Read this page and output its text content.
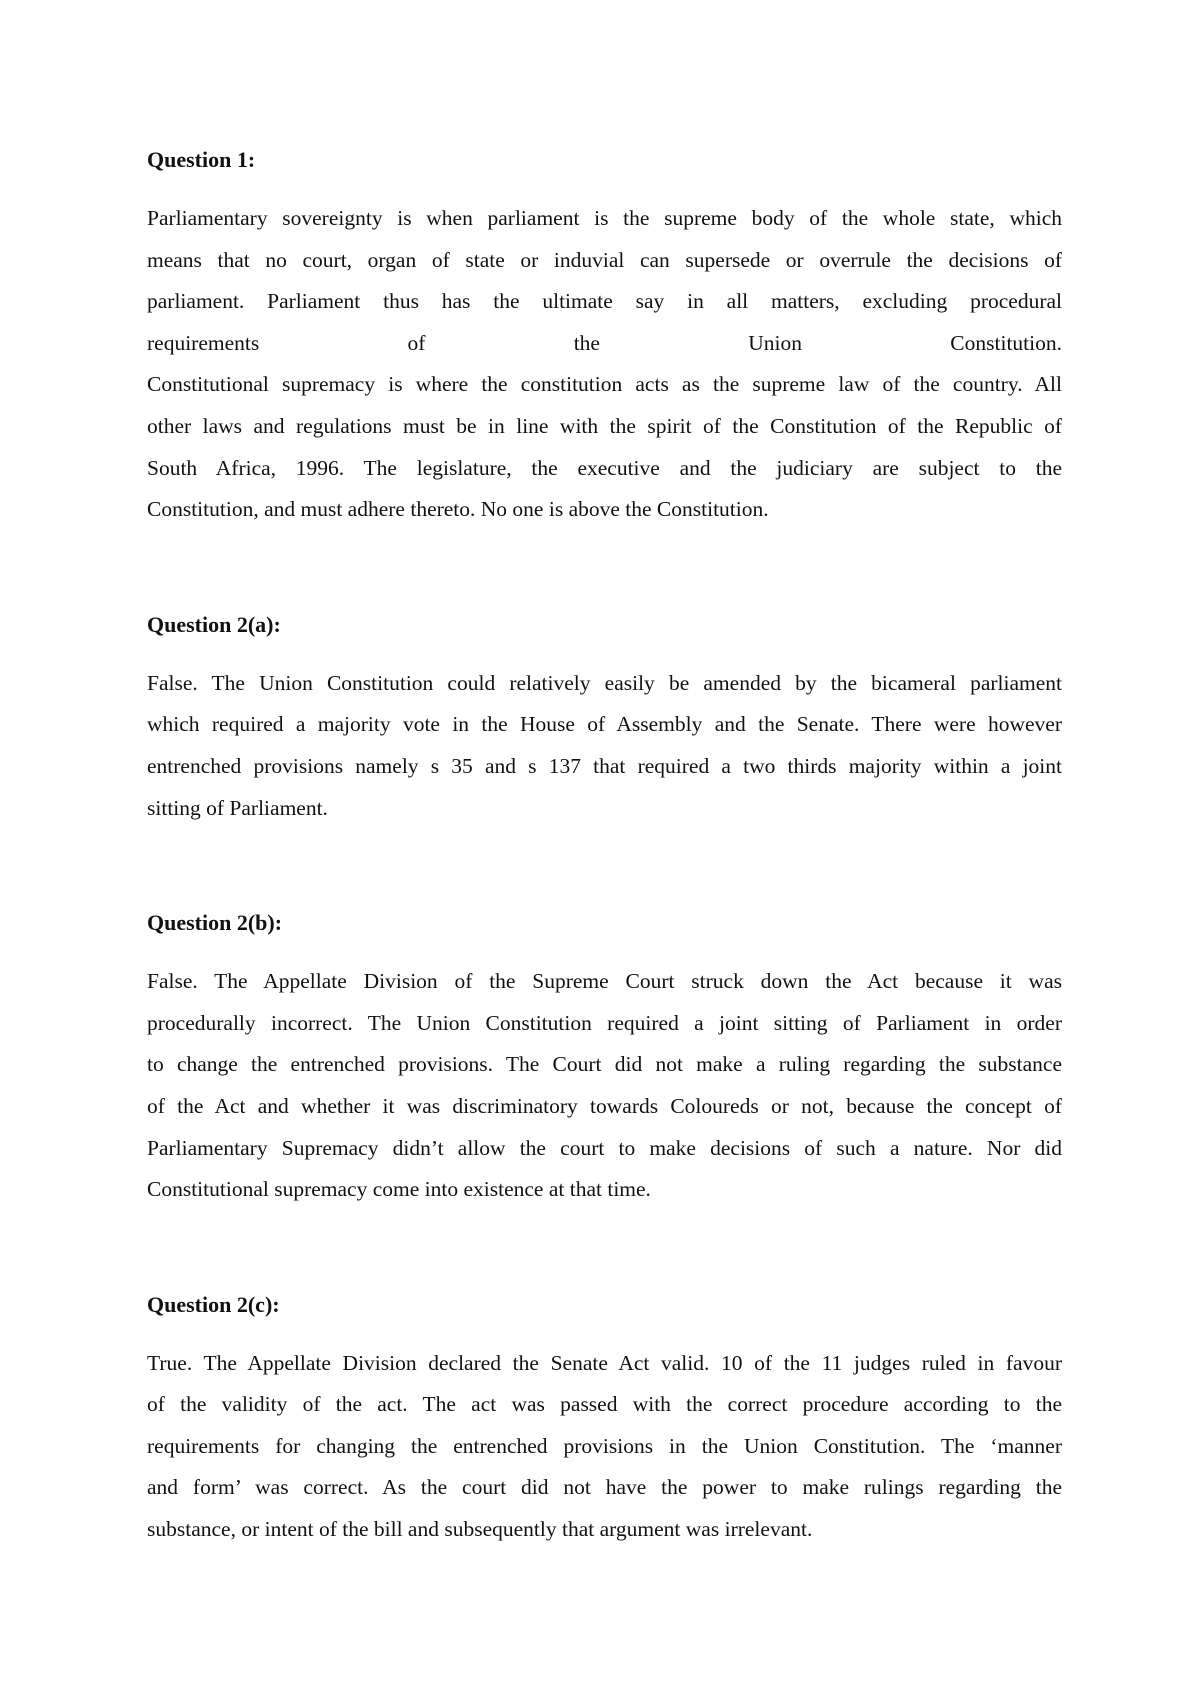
Question 1:
Parliamentary sovereignty is when parliament is the supreme body of the whole state, which
means that no court, organ of state or induvial can supersede or overrule the decisions of
parliament. Parliament thus has the ultimate say in all matters, excluding procedural
requirements of the Union Constitution.
Constitutional supremacy is where the constitution acts as the supreme law of the country. All
other laws and regulations must be in line with the spirit of the Constitution of the Republic of
South Africa, 1996. The legislature, the executive and the judiciary are subject to the
Constitution, and must adhere thereto. No one is above the Constitution.
Question 2(a):
False. The Union Constitution could relatively easily be amended by the bicameral parliament
which required a majority vote in the House of Assembly and the Senate. There were however
entrenched provisions namely s 35 and s 137 that required a two thirds majority within a joint
sitting of Parliament.
Question 2(b):
False. The Appellate Division of the Supreme Court struck down the Act because it was
procedurally incorrect. The Union Constitution required a joint sitting of Parliament in order
to change the entrenched provisions. The Court did not make a ruling regarding the substance
of the Act and whether it was discriminatory towards Coloureds or not, because the concept of
Parliamentary Supremacy didn’t allow the court to make decisions of such a nature. Nor did
Constitutional supremacy come into existence at that time.
Question 2(c):
True. The Appellate Division declared the Senate Act valid. 10 of the 11 judges ruled in favour
of the validity of the act. The act was passed with the correct procedure according to the
requirements for changing the entrenched provisions in the Union Constitution. The ‘manner
and form’ was correct. As the court did not have the power to make rulings regarding the
substance, or intent of the bill and subsequently that argument was irrelevant.
